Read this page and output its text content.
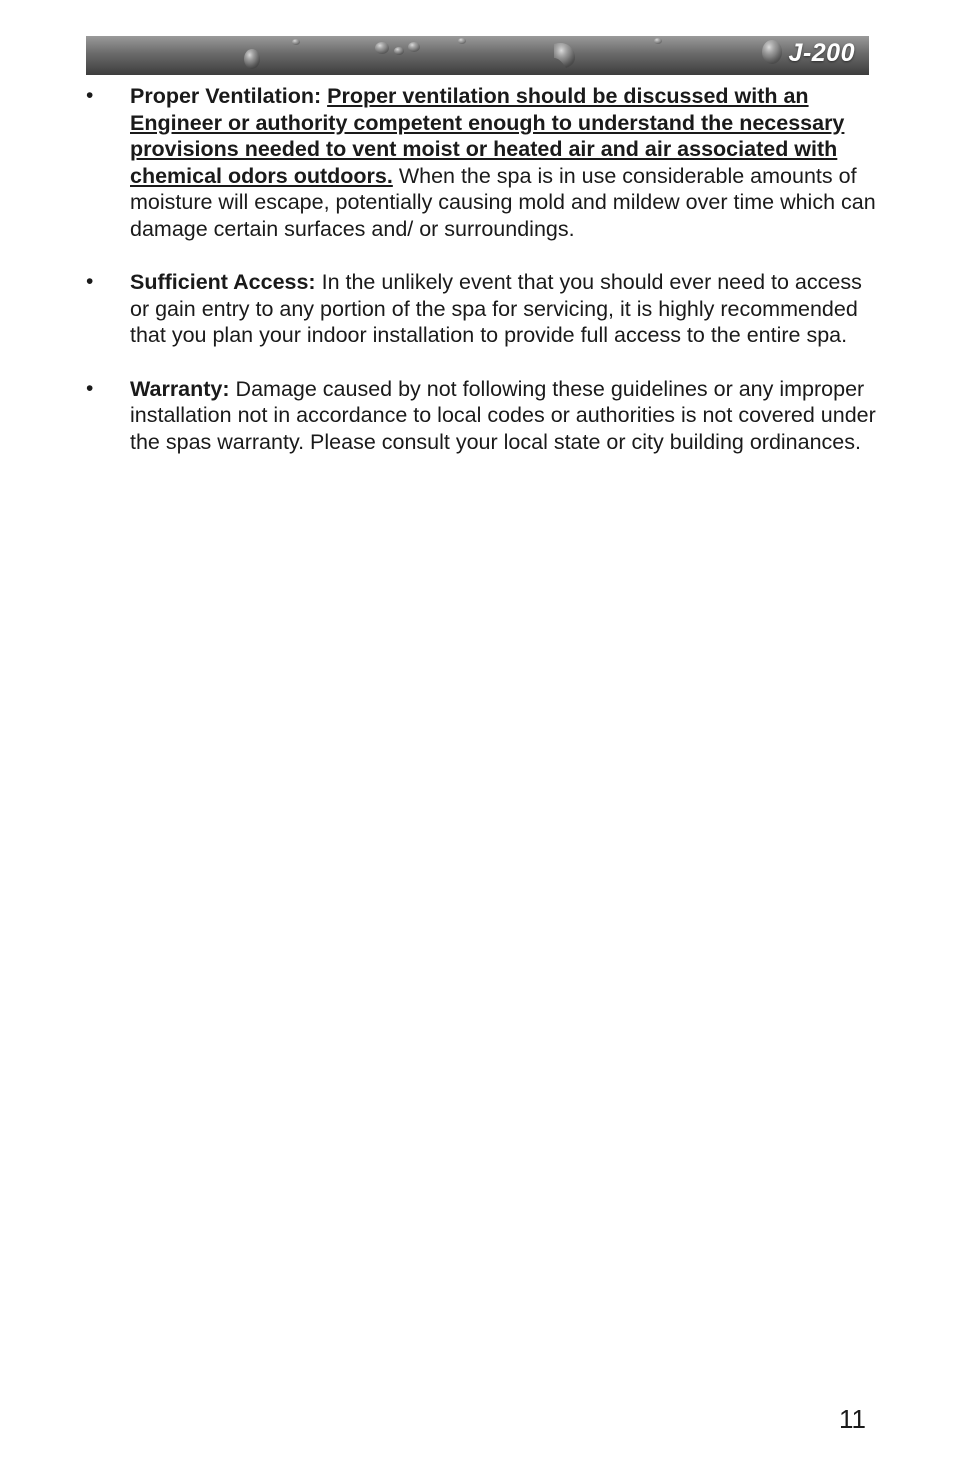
J-200
• Proper Ventilation: Proper ventilation should be discussed with an Engineer or authority competent enough to understand the necessary provisions needed to vent moist or heated air and air associated with chemical odors outdoors. When the spa is in use considerable amounts of moisture will escape, potentially causing mold and mildew over time which can damage certain surfaces and/ or surroundings.
• Sufficient Access: In the unlikely event that you should ever need to access or gain entry to any portion of the spa for servicing, it is highly recommended that you plan your indoor installation to provide full access to the entire spa.
• Warranty: Damage caused by not following these guidelines or any improper installation not in accordance to local codes or authorities is not covered under the spas warranty. Please consult your local state or city building ordinances.
11
